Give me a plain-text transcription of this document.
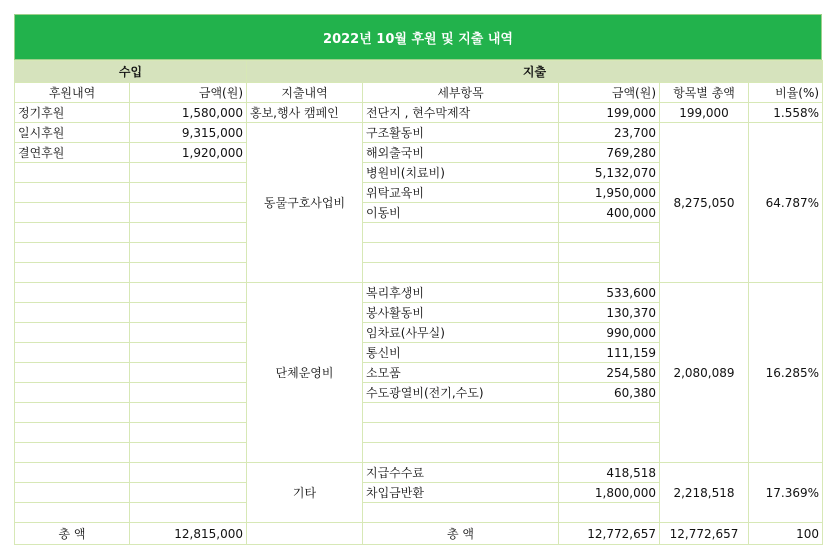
2022년 10월 후원 및 지출 내역
수입		지출				
후원내역	금액(원)	지출내역	세부항목	금액(원)	항목별 총액	비율(%)
정기후원	1,580,000	홍보,행사 캠페인	전단지 , 현수막제작	199,000	199,000	1.558%
일시후원	9,315,000	동물구호사업비	구조활동비	23,700	8,275,050	64.787%
결연후원	1,920,000		해외출국비	769,280		
			병원비(치료비)	5,132,070		
			위탁교육비	1,950,000		
			이동비	400,000		

		단체운영비	복리후생비	533,600	2,080,089	16.285%
			봉사활동비	130,370		
			임차료(사무실)	990,000		
			통신비	111,159		
			소모품	254,580		
			수도광열비(전기,수도)	60,380		

		기타	지급수수료	418,518	2,218,518	17.369%
			차입금반환	1,800,000		

총 액	12,815,000		총 액	12,772,657	12,772,657	100
